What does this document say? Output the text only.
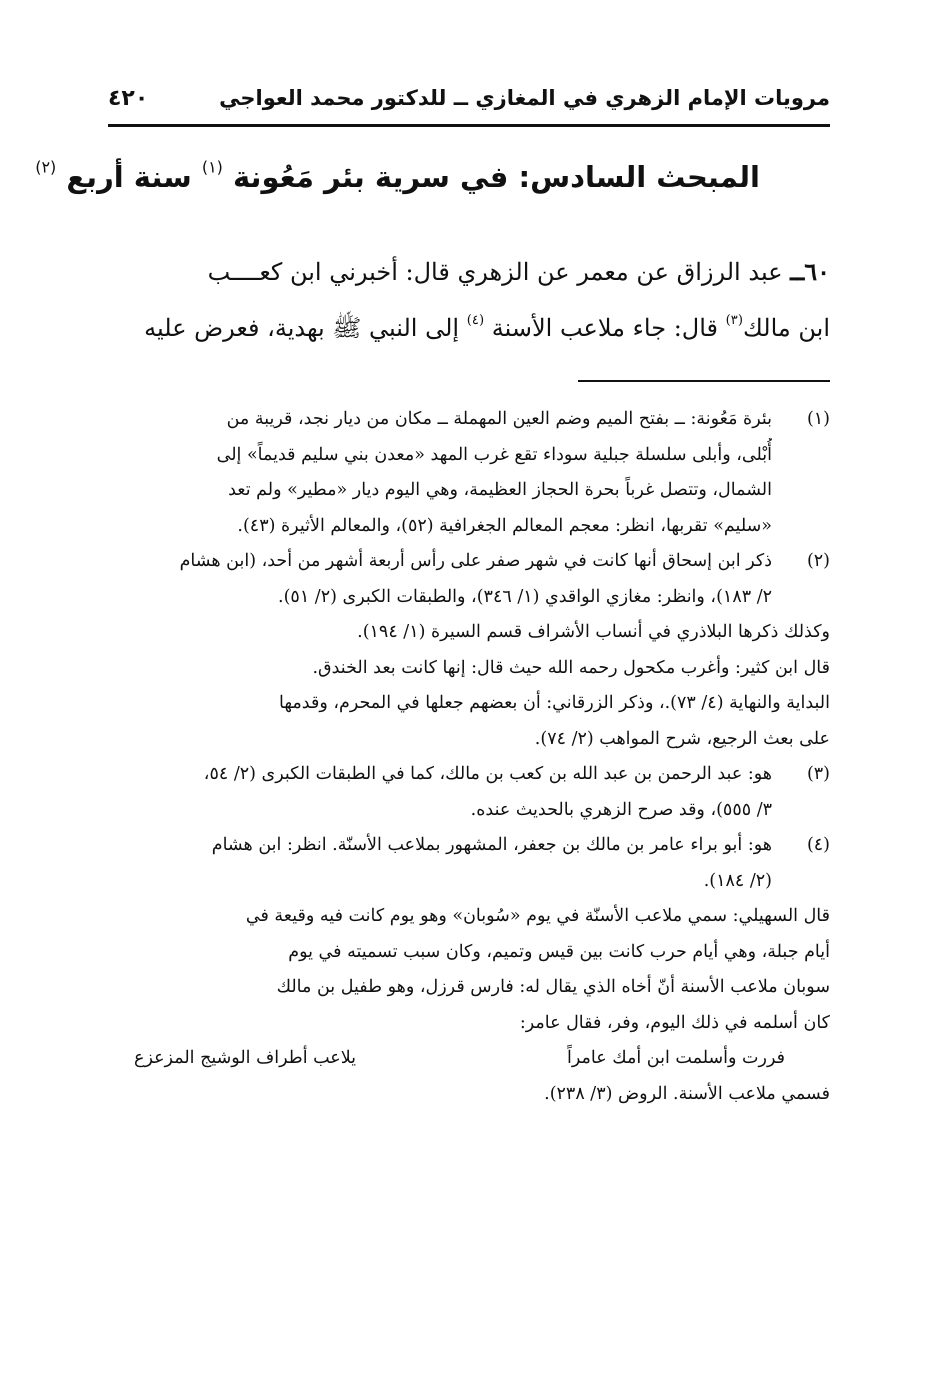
مرويات الإمام الزهري في المغازي ــ للدكتور محمد العواجي
٤٢٠
المبحث السادس: في سرية بئر مَعُونة $^{(١)}$ سنة أربع $^{(٢)}$
٦٠ــ عبد الرزاق عن معمر عن الزهري قال: أخبرني ابن كعــــب
ابن مالك$^{(٣)}$ قال: جاء ملاعب الأسنة $^{(٤)}$ إلى النبي ﷺ بهدية، فعرض عليه
(١)
بئرة مَعُونة: ــ بفتح الميم وضم العين المهملة ــ مكان من ديار نجد، قريبة من
أُبْلى، وأبلى سلسلة جبلية سوداء تقع غرب المهد «معدن بني سليم قديماً» إلى
الشمال، وتتصل غرباً بحرة الحجاز العظيمة، وهي اليوم ديار «مطير» ولم تعد
«سليم» تقربها، انظر: معجم المعالم الجغرافية (٥٢)، والمعالم الأثيرة (٤٣).
(٢)
ذكر ابن إسحاق أنها كانت في شهر صفر على رأس أربعة أشهر من أحد، (ابن هشام
٢/ ١٨٣)، وانظر: مغازي الواقدي (١/ ٣٤٦)، والطبقات الكبرى (٢/ ٥١).
وكذلك ذكرها البلاذري في أنساب الأشراف قسم السيرة (١/ ١٩٤).
قال ابن كثير: وأغرب مكحول رحمه الله حيث قال: إنها كانت بعد الخندق.
البداية والنهاية (٤/ ٧٣).، وذكر الزرقاني: أن بعضهم جعلها في المحرم، وقدمها
على بعث الرجيع، شرح المواهب (٢/ ٧٤).
(٣)
هو: عبد الرحمن بن عبد الله بن كعب بن مالك، كما في الطبقات الكبرى (٢/ ٥٤،
٣/ ٥٥٥)، وقد صرح الزهري بالحديث عنده.
(٤)
هو: أبو براء عامر بن مالك بن جعفر، المشهور بملاعب الأسنّة. انظر: ابن هشام
(٢/ ١٨٤).
قال السهيلي: سمي ملاعب الأسنّة في يوم «سُوبان» وهو يوم كانت فيه وقيعة في
أيام جبلة، وهي أيام حرب كانت بين قيس وتميم، وكان سبب تسميته في يوم
سوبان ملاعب الأسنة أنّ أخاه الذي يقال له: فارس قرزل، وهو طفيل بن مالك
كان أسلمه في ذلك اليوم، وفر، فقال عامر:
فررت وأسلمت ابن أمك عامراً
يلاعب أطراف الوشيج المزعزع
فسمي ملاعب الأسنة. الروض (٣/ ٢٣٨).
